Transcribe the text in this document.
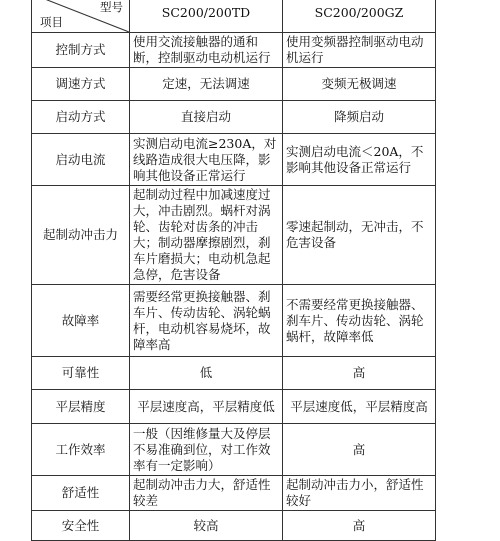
型号
项目	SC200/200TD	SC200/200GZ
控制方式	使用交流接触器的通和断，控制驱动电动机运行	使用变频器控制驱动电动机运行
调速方式	定速，无法调速	变频无极调速
启动方式	直接启动	降频启动
启动电流	实测启动电流≥230A，对线路造成很大电压降，影响其他设备正常运行	实测启动电流＜20A，不影响其他设备正常运行
起制动冲击力	起制动过程中加减速度过大，冲击剧烈。蜗杆对涡轮、齿轮对齿条的冲击大；制动器摩擦剧烈，刹车片磨损大；电动机急起急停，危害设备	零速起制动，无冲击，不危害设备
故障率	需要经常更换接触器、刹车片、传动齿轮、涡轮蜗杆，电动机容易烧坏，故障率高	不需要经常更换接触器、刹车片、传动齿轮、涡轮蜗杆，故障率低
可靠性	低	高
平层精度	平层速度高，平层精度低	平层速度低，平层精度高
工作效率	一般（因维修量大及停层不易准确到位，对工作效率有一定影响）	高
舒适性	起制动冲击力大，舒适性较差	起制动冲击力小，舒适性较好
安全性	较高	高
